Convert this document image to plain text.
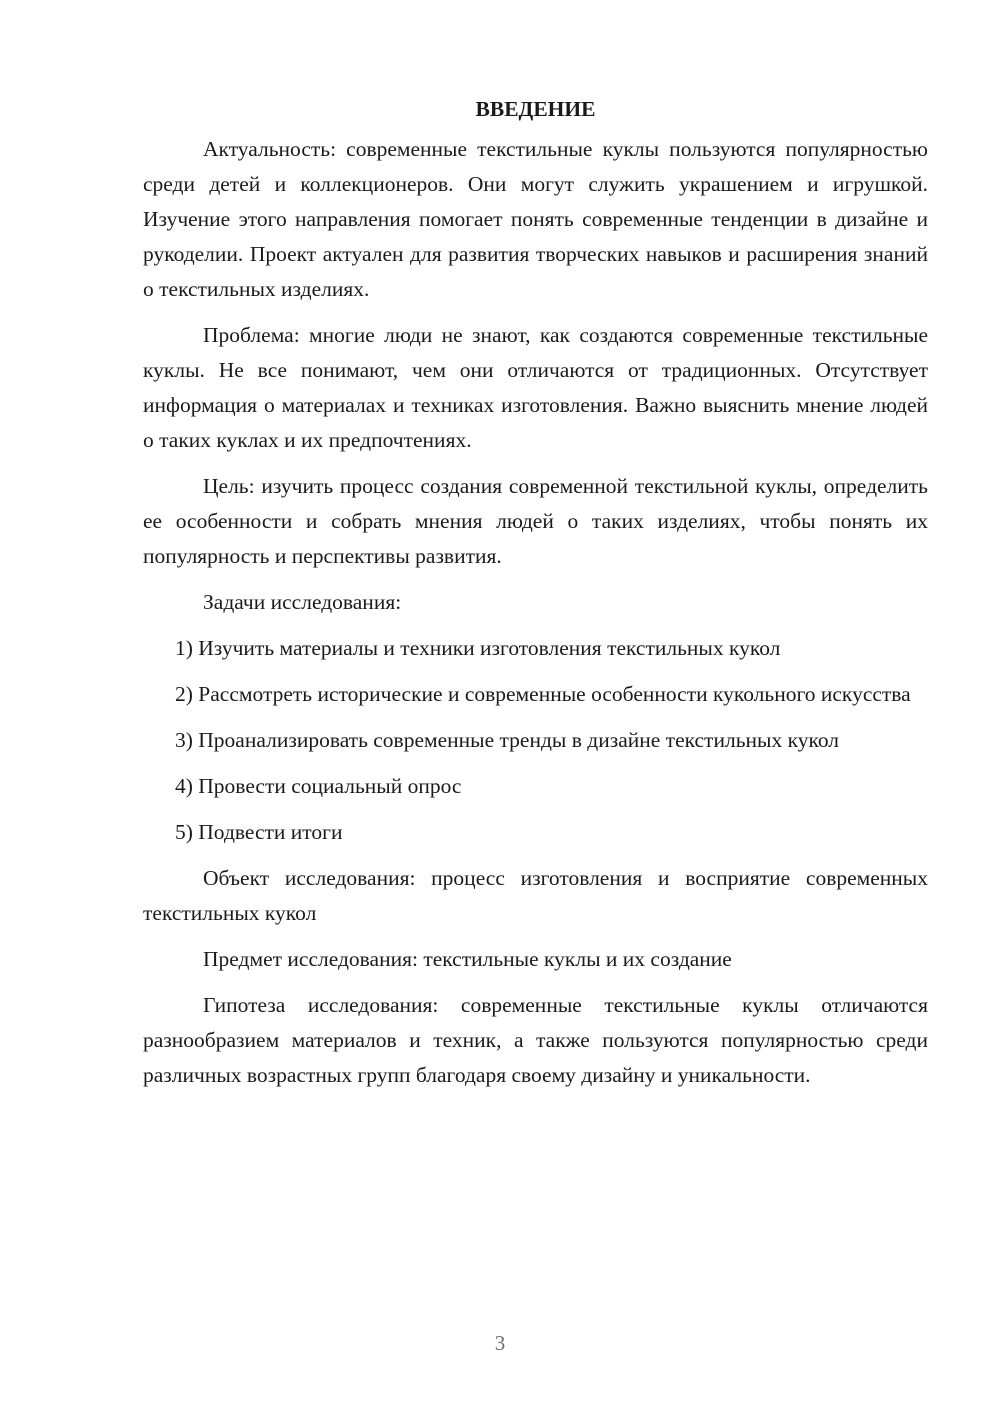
ВВЕДЕНИЕ

Актуальность: современные текстильные куклы пользуются популярностью среди детей и коллекционеров. Они могут служить украшением и игрушкой. Изучение этого направления помогает понять современные тенденции в дизайне и рукоделии. Проект актуален для развития творческих навыков и расширения знаний о текстильных изделиях.

Проблема: многие люди не знают, как создаются современные текстильные куклы. Не все понимают, чем они отличаются от традиционных. Отсутствует информация о материалах и техниках изготовления. Важно выяснить мнение людей о таких куклах и их предпочтениях.

Цель: изучить процесс создания современной текстильной куклы, определить ее особенности и собрать мнения людей о таких изделиях, чтобы понять их популярность и перспективы развития.

Задачи исследования:

1) Изучить материалы и техники изготовления текстильных кукол

2) Рассмотреть исторические и современные особенности кукольного искусства

3) Проанализировать современные тренды в дизайне текстильных кукол

4) Провести социальный опрос

5) Подвести итоги

Объект исследования: процесс изготовления и восприятие современных текстильных кукол

Предмет исследования: текстильные куклы и их создание

Гипотеза исследования: современные текстильные куклы отличаются разнообразием материалов и техник, а также пользуются популярностью среди различных возрастных групп благодаря своему дизайну и уникальности.

3
